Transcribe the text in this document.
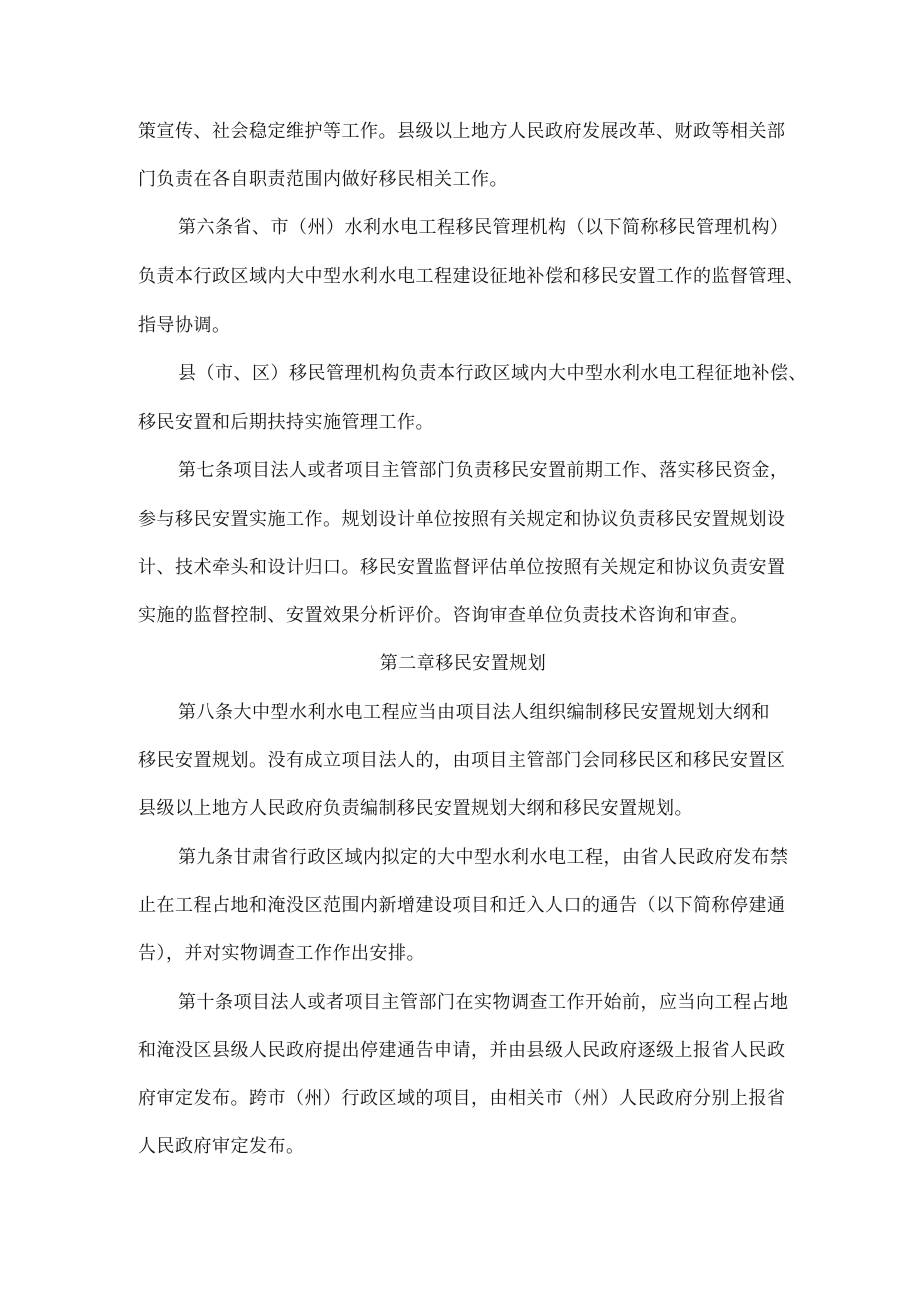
策宣传、社会稳定维护等工作。县级以上地方人民政府发展改革、财政等相关部
门负责在各自职责范围内做好移民相关工作。
第六条省、市（州）水利水电工程移民管理机构（以下简称移民管理机构）
负责本行政区域内大中型水利水电工程建设征地补偿和移民安置工作的监督管理、
指导协调。
县（市、区）移民管理机构负责本行政区域内大中型水利水电工程征地补偿、
移民安置和后期扶持实施管理工作。
第七条项目法人或者项目主管部门负责移民安置前期工作、落实移民资金，
参与移民安置实施工作。规划设计单位按照有关规定和协议负责移民安置规划设
计、技术牵头和设计归口。移民安置监督评估单位按照有关规定和协议负责安置
实施的监督控制、安置效果分析评价。咨询审查单位负责技术咨询和审查。
第二章移民安置规划
第八条大中型水利水电工程应当由项目法人组织编制移民安置规划大纲和
移民安置规划。没有成立项目法人的，由项目主管部门会同移民区和移民安置区
县级以上地方人民政府负责编制移民安置规划大纲和移民安置规划。
第九条甘肃省行政区域内拟定的大中型水利水电工程，由省人民政府发布禁
止在工程占地和淹没区范围内新增建设项目和迁入人口的通告（以下简称停建通
告），并对实物调查工作作出安排。
第十条项目法人或者项目主管部门在实物调查工作开始前，应当向工程占地
和淹没区县级人民政府提出停建通告申请，并由县级人民政府逐级上报省人民政
府审定发布。跨市（州）行政区域的项目，由相关市（州）人民政府分别上报省
人民政府审定发布。
